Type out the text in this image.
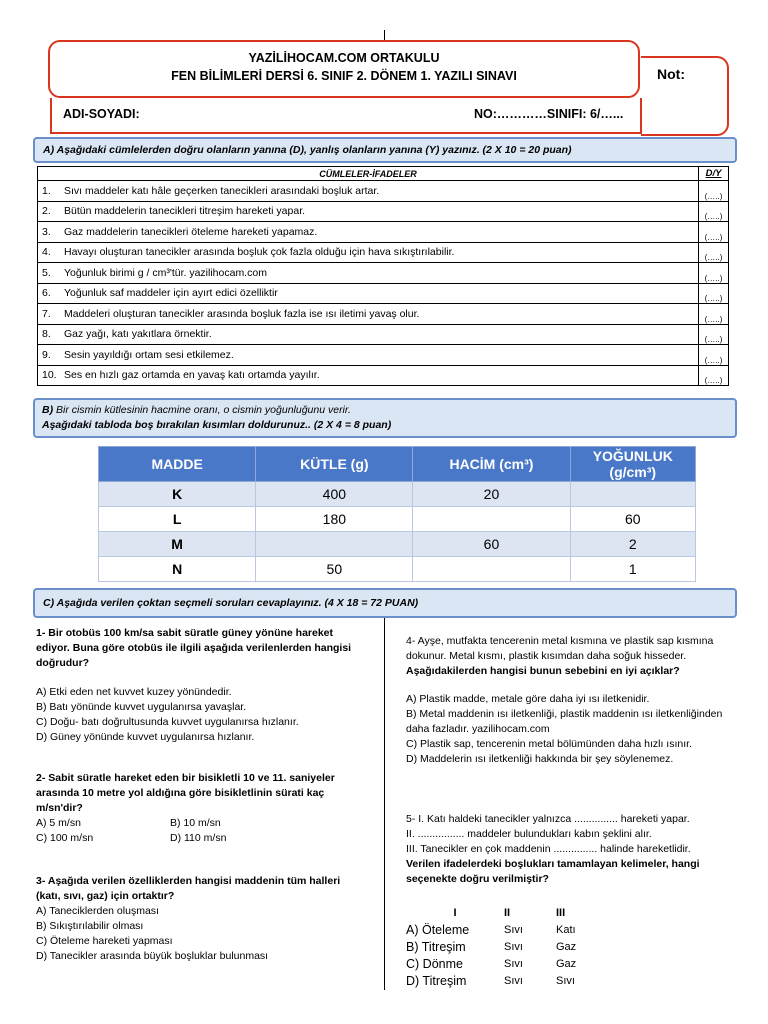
YAZİLİHOCAM.COM ORTAKULU
FEN BİLİMLERİ DERSİ 6. SINIF 2. DÖNEM 1. YAZILI SINAVI	Not:
ADI-SOYADI:	NO:…………SINIFI: 6/…...
A) Aşağıdaki cümlelerden doğru olanların yanına (D), yanlış olanların yanına (Y) yazınız. (2 X 10 = 20 puan)
CÜMLELER-İFADELER	D/Y
1. Sıvı maddeler katı hâle geçerken tanecikleri arasındaki boşluk artar.	(…..)
2. Bütün maddelerin tanecikleri titreşim hareketi yapar.	(…..)
3. Gaz maddelerin tanecikleri öteleme hareketi yapamaz.	(…..)
4. Havayı oluşturan tanecikler arasında boşluk çok fazla olduğu için hava sıkıştırılabilir.	(…..)
5. Yoğunluk birimi g / cm³'tür. yazilihocam.com	(…..)
6. Yoğunluk saf maddeler için ayırt edici özelliktir	(…..)
7. Maddeleri oluşturan tanecikler arasında boşluk fazla ise ısı iletimi yavaş olur.	(…..)
8. Gaz yağı, katı yakıtlara örnektir.	(…..)
9. Sesin yayıldığı ortam sesi etkilemez.	(…..)
10. Ses en hızlı gaz ortamda en yavaş katı ortamda yayılır.	(…..)
B) Bir cismin kütlesinin hacmine oranı, o cismin yoğunluğunu verir.
Aşağıdaki tabloda boş bırakılan kısımları doldurunuz.. (2 X 4 = 8 puan)
MADDE	KÜTLE (g)	HACİM (cm³)	YOĞUNLUK (g/cm³)
K	400	20	
L	180		60
M		60	2
N	50		1
C) Aşağıda verilen çoktan seçmeli soruları cevaplayınız. (4 X 18 = 72 PUAN)
1- Bir otobüs 100 km/sa sabit süratle güney yönüne hareket ediyor. Buna göre otobüs ile ilgili aşağıda verilenlerden hangisi doğrudur?
A) Etki eden net kuvvet kuzey yönündedir.
B) Batı yönünde kuvvet uygulanırsa yavaşlar.
C) Doğu- batı doğrultusunda kuvvet uygulanırsa hızlanır.
D) Güney yönünde kuvvet uygulanırsa hızlanır.
2- Sabit süratle hareket eden bir bisikletli 10 ve 11. saniyeler arasında 10 metre yol aldığına göre bisikletlinin sürati kaç m/sn'dir?
A) 5 m/sn	B) 10 m/sn
C) 100 m/sn	D) 110 m/sn
3- Aşağıda verilen özelliklerden hangisi maddenin tüm halleri (katı, sıvı, gaz) için ortaktır?
A) Taneciklerden oluşması
B) Sıkıştırılabilir olması
C) Öteleme hareketi yapması
D) Tanecikler arasında büyük boşluklar bulunması
4- Ayşe, mutfakta tencerenin metal kısmına ve plastik sap kısmına dokunur. Metal kısmı, plastik kısımdan daha soğuk hisseder.
Aşağıdakilerden hangisi bunun sebebini en iyi açıklar?
A) Plastik madde, metale göre daha iyi ısı iletkenidir.
B) Metal maddenin ısı iletkenliği, plastik maddenin ısı iletkenliğinden daha fazladır. yazilihocam.com
C) Plastik sap, tencerenin metal bölümünden daha hızlı ısınır.
D) Maddelerin ısı iletkenliği hakkında bir şey söylenemez.
5- I. Katı haldeki tanecikler yalnızca ............... hareketi yapar.
II. ................ maddeler bulundukları kabın şeklini alır.
III. Tanecikler en çok maddenin ............... halinde hareketlidir.
Verilen ifadelerdeki boşlukları tamamlayan kelimeler, hangi seçenekte doğru verilmiştir?
I	II	III
A) Öteleme	Sıvı	Katı
B) Titreşim	Sıvı	Gaz
C) Dönme	Sıvı	Gaz
D) Titreşim	Sıvı	Sıvı
